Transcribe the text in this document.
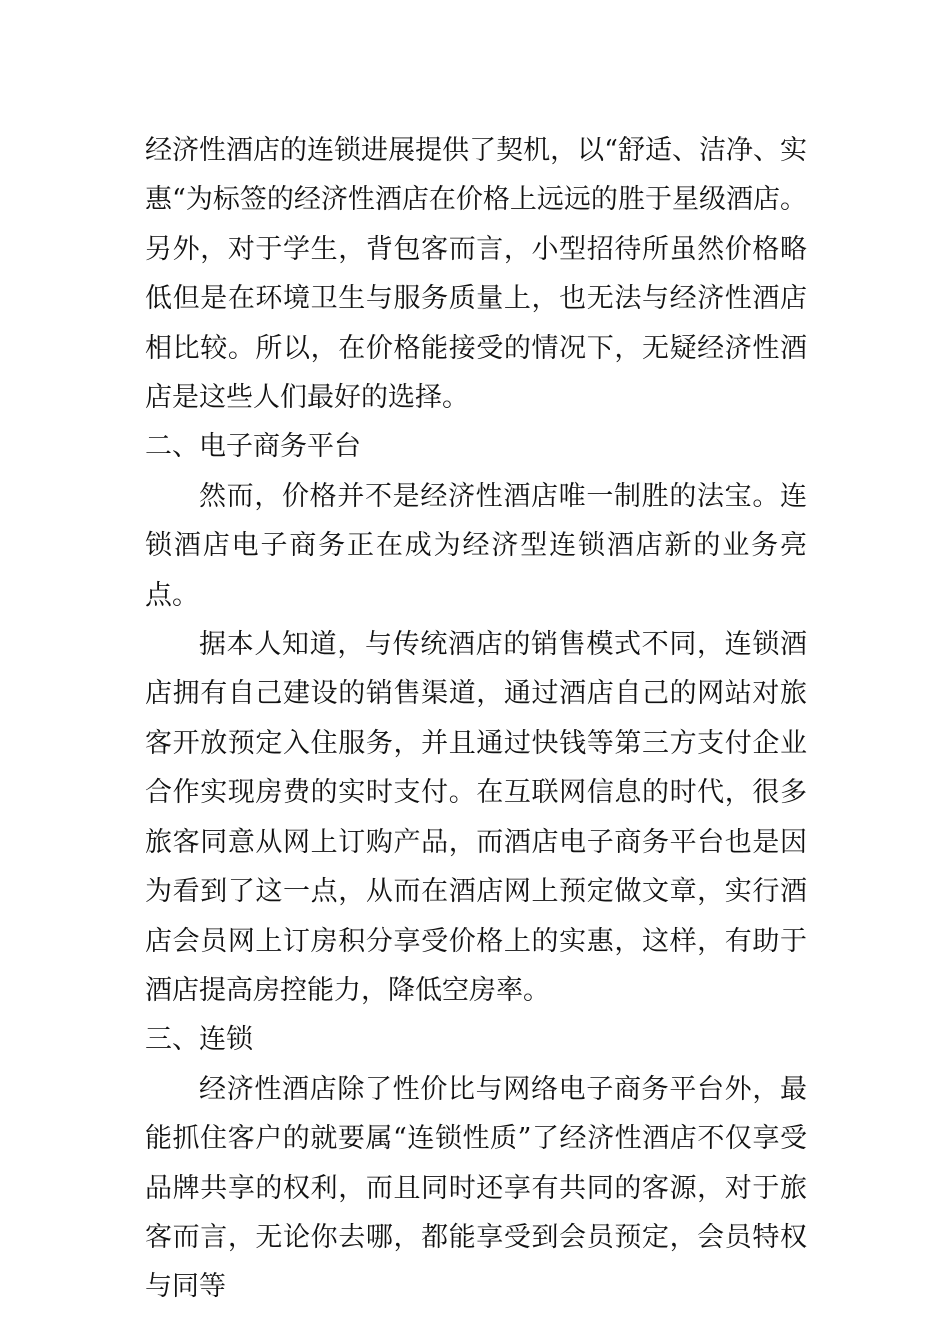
经济性酒店的连锁进展提供了契机，以“舒适、洁净、实惠“为标签的经济性酒店在价格上远远的胜于星级酒店。另外，对于学生，背包客而言，小型招待所虽然价格略低但是在环境卫生与服务质量上，也无法与经济性酒店相比较。所以，在价格能接受的情况下，无疑经济性酒店是这些人们最好的选择。

二、电子商务平台

然而，价格并不是经济性酒店唯一制胜的法宝。连锁酒店电子商务正在成为经济型连锁酒店新的业务亮点。

据本人知道，与传统酒店的销售模式不同，连锁酒店拥有自己建设的销售渠道，通过酒店自己的网站对旅客开放预定入住服务，并且通过快钱等第三方支付企业合作实现房费的实时支付。在互联网信息的时代，很多旅客同意从网上订购产品，而酒店电子商务平台也是因为看到了这一点，从而在酒店网上预定做文章，实行酒店会员网上订房积分享受价格上的实惠，这样，有助于酒店提高房控能力，降低空房率。

三、连锁

经济性酒店除了性价比与网络电子商务平台外，最能抓住客户的就要属“连锁性质”了经济性酒店不仅享受品牌共享的权利，而且同时还享有共同的客源，对于旅客而言，无论你去哪，都能享受到会员预定，会员特权与同等
